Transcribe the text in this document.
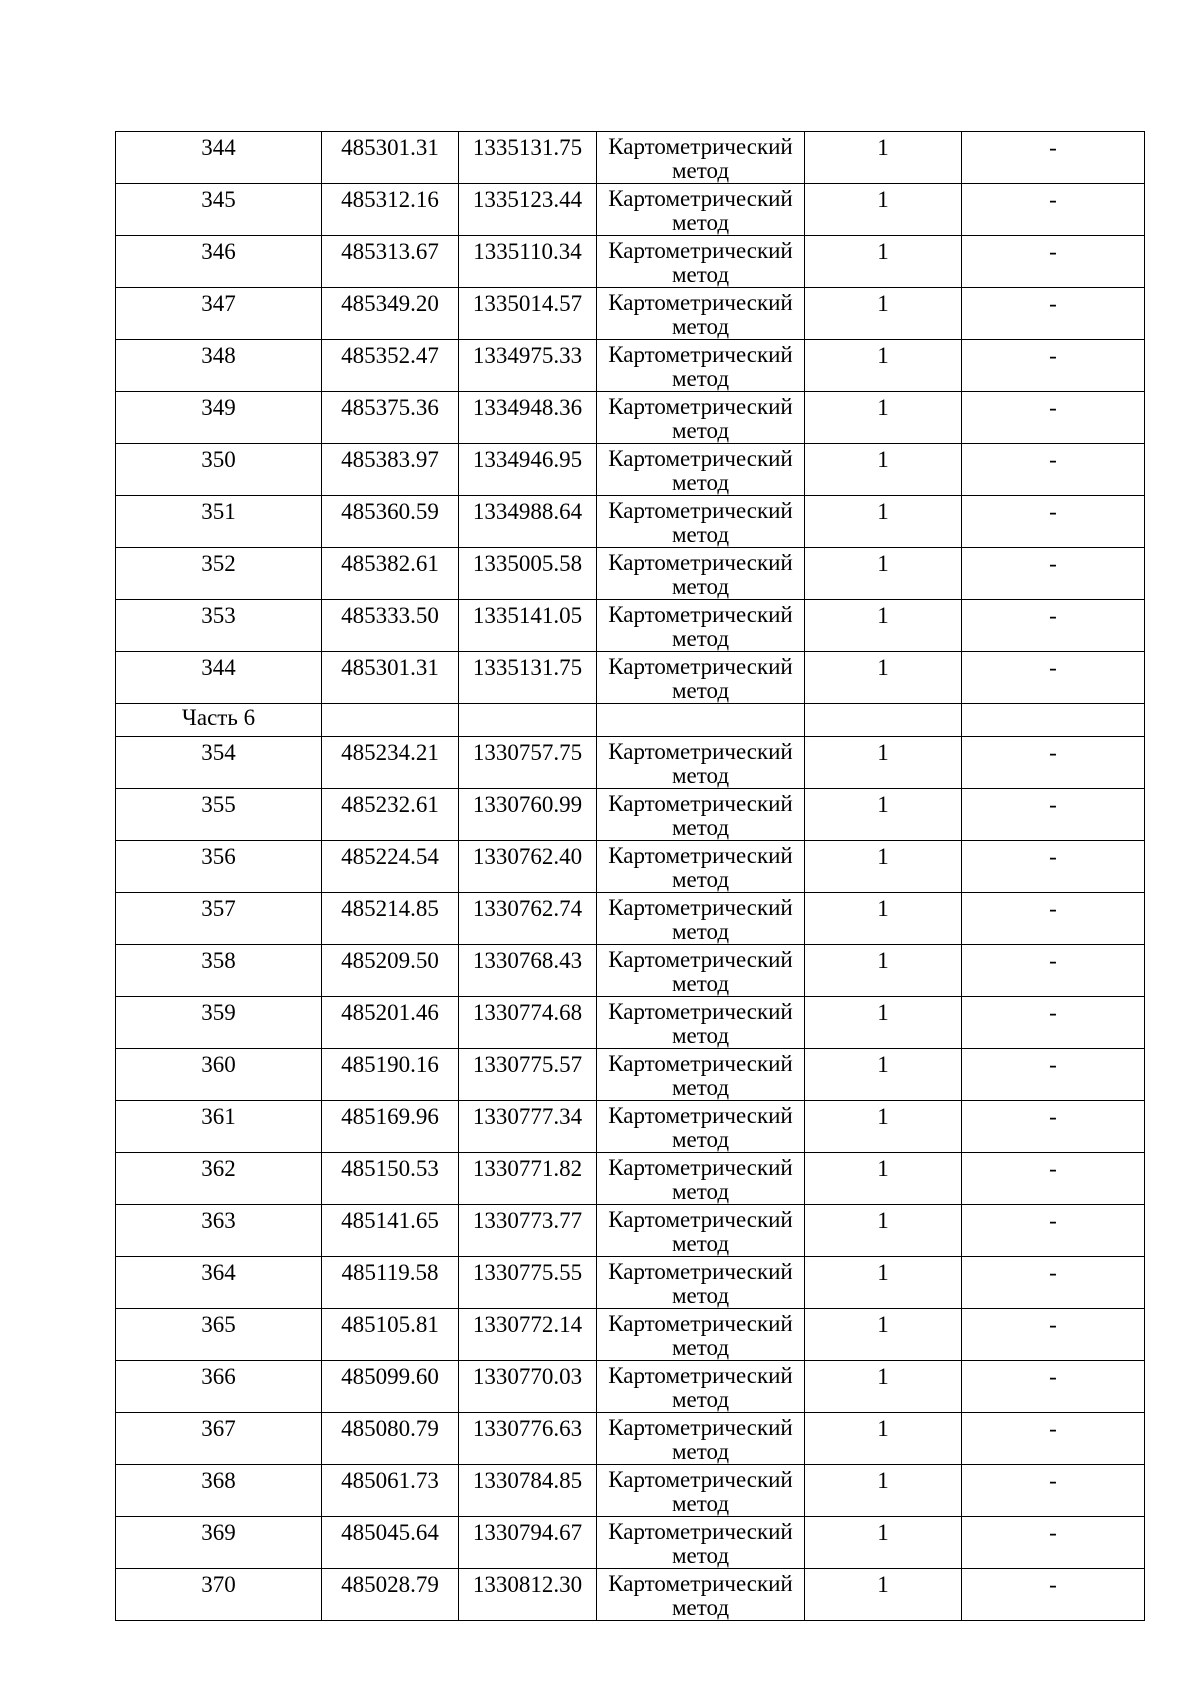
344	485301.31	1335131.75	Картометрический метод	1	-

345	485312.16	1335123.44	Картометрический метод	1	-

346	485313.67	1335110.34	Картометрический метод	1	-

347	485349.20	1335014.57	Картометрический метод	1	-

348	485352.47	1334975.33	Картометрический метод	1	-

349	485375.36	1334948.36	Картометрический метод	1	-

350	485383.97	1334946.95	Картометрический метод	1	-

351	485360.59	1334988.64	Картометрический метод	1	-

352	485382.61	1335005.58	Картометрический метод	1	-

353	485333.50	1335141.05	Картометрический метод	1	-

344	485301.31	1335131.75	Картометрический метод	1	-

Часть 6					

354	485234.21	1330757.75	Картометрический метод	1	-

355	485232.61	1330760.99	Картометрический метод	1	-

356	485224.54	1330762.40	Картометрический метод	1	-

357	485214.85	1330762.74	Картометрический метод	1	-

358	485209.50	1330768.43	Картометрический метод	1	-

359	485201.46	1330774.68	Картометрический метод	1	-

360	485190.16	1330775.57	Картометрический метод	1	-

361	485169.96	1330777.34	Картометрический метод	1	-

362	485150.53	1330771.82	Картометрический метод	1	-

363	485141.65	1330773.77	Картометрический метод	1	-

364	485119.58	1330775.55	Картометрический метод	1	-

365	485105.81	1330772.14	Картометрический метод	1	-

366	485099.60	1330770.03	Картометрический метод	1	-

367	485080.79	1330776.63	Картометрический метод	1	-

368	485061.73	1330784.85	Картометрический метод	1	-

369	485045.64	1330794.67	Картометрический метод	1	-

370	485028.79	1330812.30	Картометрический метод	1	-
